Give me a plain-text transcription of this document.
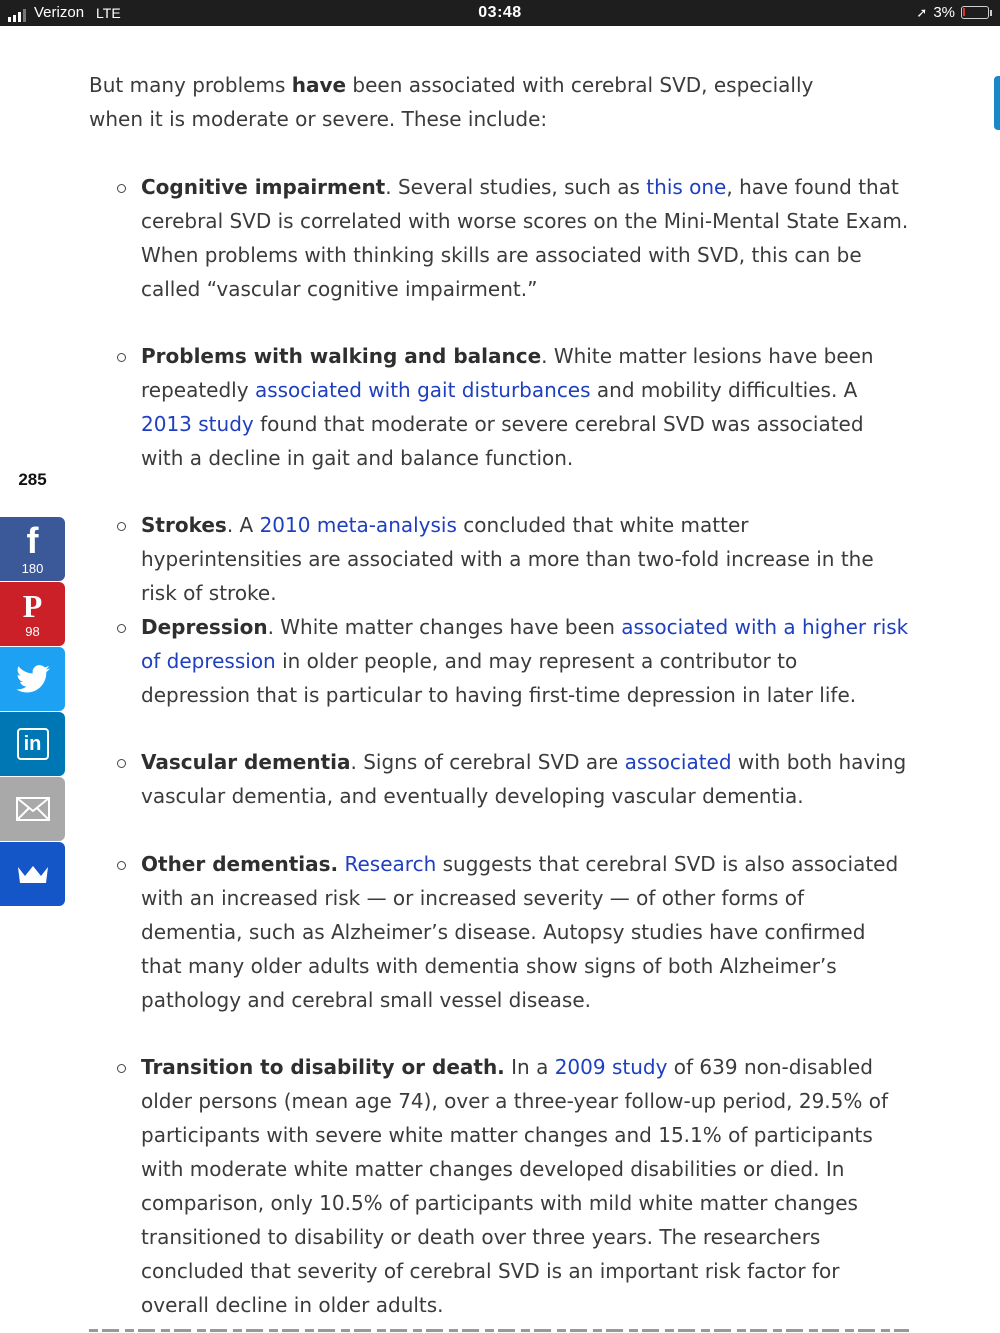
Verizon LTE	03:48	➚ 3%

But many problems have been associated with cerebral SVD, especially when it is moderate or severe. These include:

Cognitive impairment. Several studies, such as this one, have found that cerebral SVD is correlated with worse scores on the Mini-Mental State Exam. When problems with thinking skills are associated with SVD, this can be called “vascular cognitive impairment.”
Problems with walking and balance. White matter lesions have been repeatedly associated with gait disturbances and mobility difficulties. A 2013 study found that moderate or severe cerebral SVD was associated with a decline in gait and balance function.
Strokes. A 2010 meta-analysis concluded that white matter hyperintensities are associated with a more than two-fold increase in the risk of stroke.
Depression. White matter changes have been associated with a higher risk of depression in older people, and may represent a contributor to depression that is particular to having first-time depression in later life.
Vascular dementia. Signs of cerebral SVD are associated with both having vascular dementia, and eventually developing vascular dementia.
Other dementias. Research suggests that cerebral SVD is also associated with an increased risk — or increased severity — of other forms of dementia, such as Alzheimer’s disease. Autopsy studies have confirmed that many older adults with dementia show signs of both Alzheimer’s pathology and cerebral small vessel disease.
Transition to disability or death. In a 2009 study of 639 non-disabled older persons (mean age 74), over a three-year follow-up period, 29.5% of participants with severe white matter changes and 15.1% of participants with moderate white matter changes developed disabilities or died. In comparison, only 10.5% of participants with mild white matter changes transitioned to disability or death over three years. The researchers concluded that severity of cerebral SVD is an important risk factor for overall decline in older adults.
285
f
180
P
98
in
